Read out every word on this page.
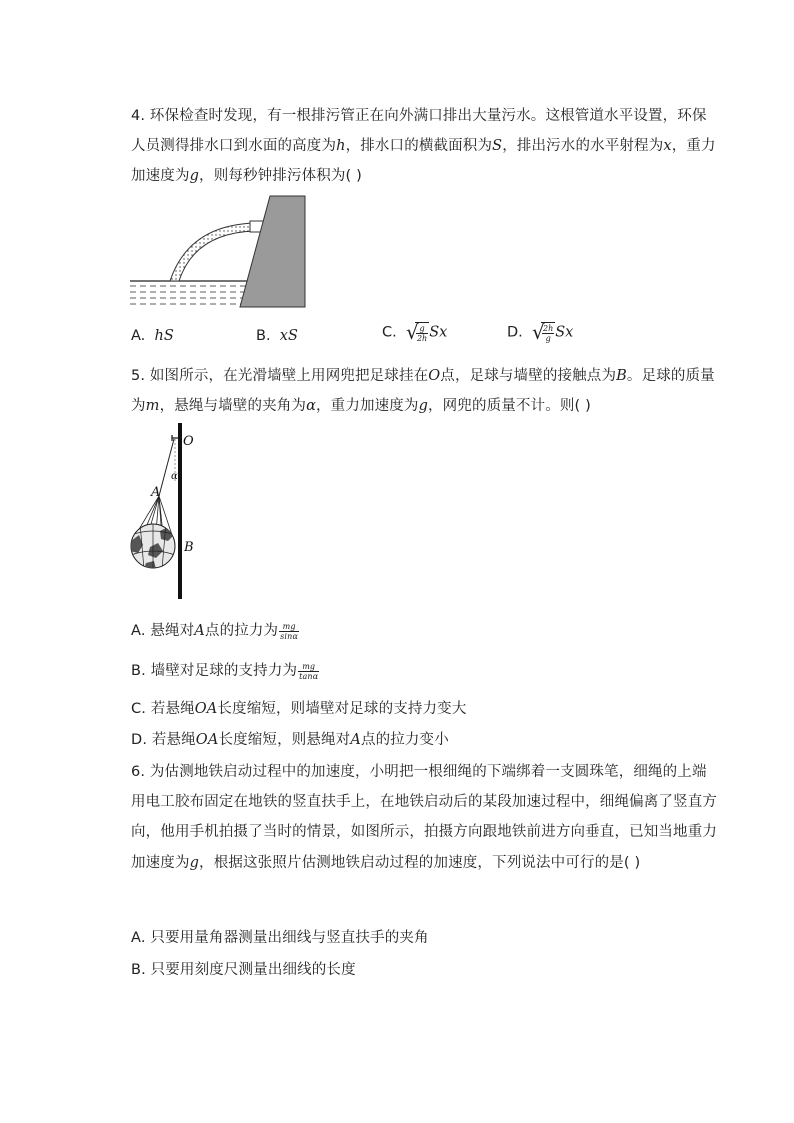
4. 环保检查时发现，有一根排污管正在向外满口排出大量污水。这根管道水平设置，环保
人员测得排水口到水面的高度为h，排水口的横截面积为S，排出污水的水平射程为x，重力
加速度为g，则每秒钟排污体积为( )
A. hS	B. xS	C. √
$\frac{g}{2h}$ Sx	D. √
$\frac{2h}{g}$ Sx
5. 如图所示，在光滑墙壁上用网兜把足球挂在O点，足球与墙壁的接触点为B。足球的质量
为m，悬绳与墙壁的夹角为α，重力加速度为g，网兜的质量不计。则( )
O
α
A
B
A. 悬绳对A点的拉力为 $\frac{mg}{\sin\alpha}$
B. 墙壁对足球的支持力为 $\frac{mg}{\tan\alpha}$
C. 若悬绳OA长度缩短，则墙壁对足球的支持力变大
D. 若悬绳OA长度缩短，则悬绳对A点的拉力变小
6. 为估测地铁启动过程中的加速度，小明把一根细绳的下端绑着一支圆珠笔，细绳的上端
用电工胶布固定在地铁的竖直扶手上，在地铁启动后的某段加速过程中，细绳偏离了竖直方
向，他用手机拍摄了当时的情景，如图所示，拍摄方向跟地铁前进方向垂直，已知当地重力
加速度为g，根据这张照片估测地铁启动过程的加速度，下列说法中可行的是( )
A. 只要用量角器测量出细线与竖直扶手的夹角
B. 只要用刻度尺测量出细线的长度
